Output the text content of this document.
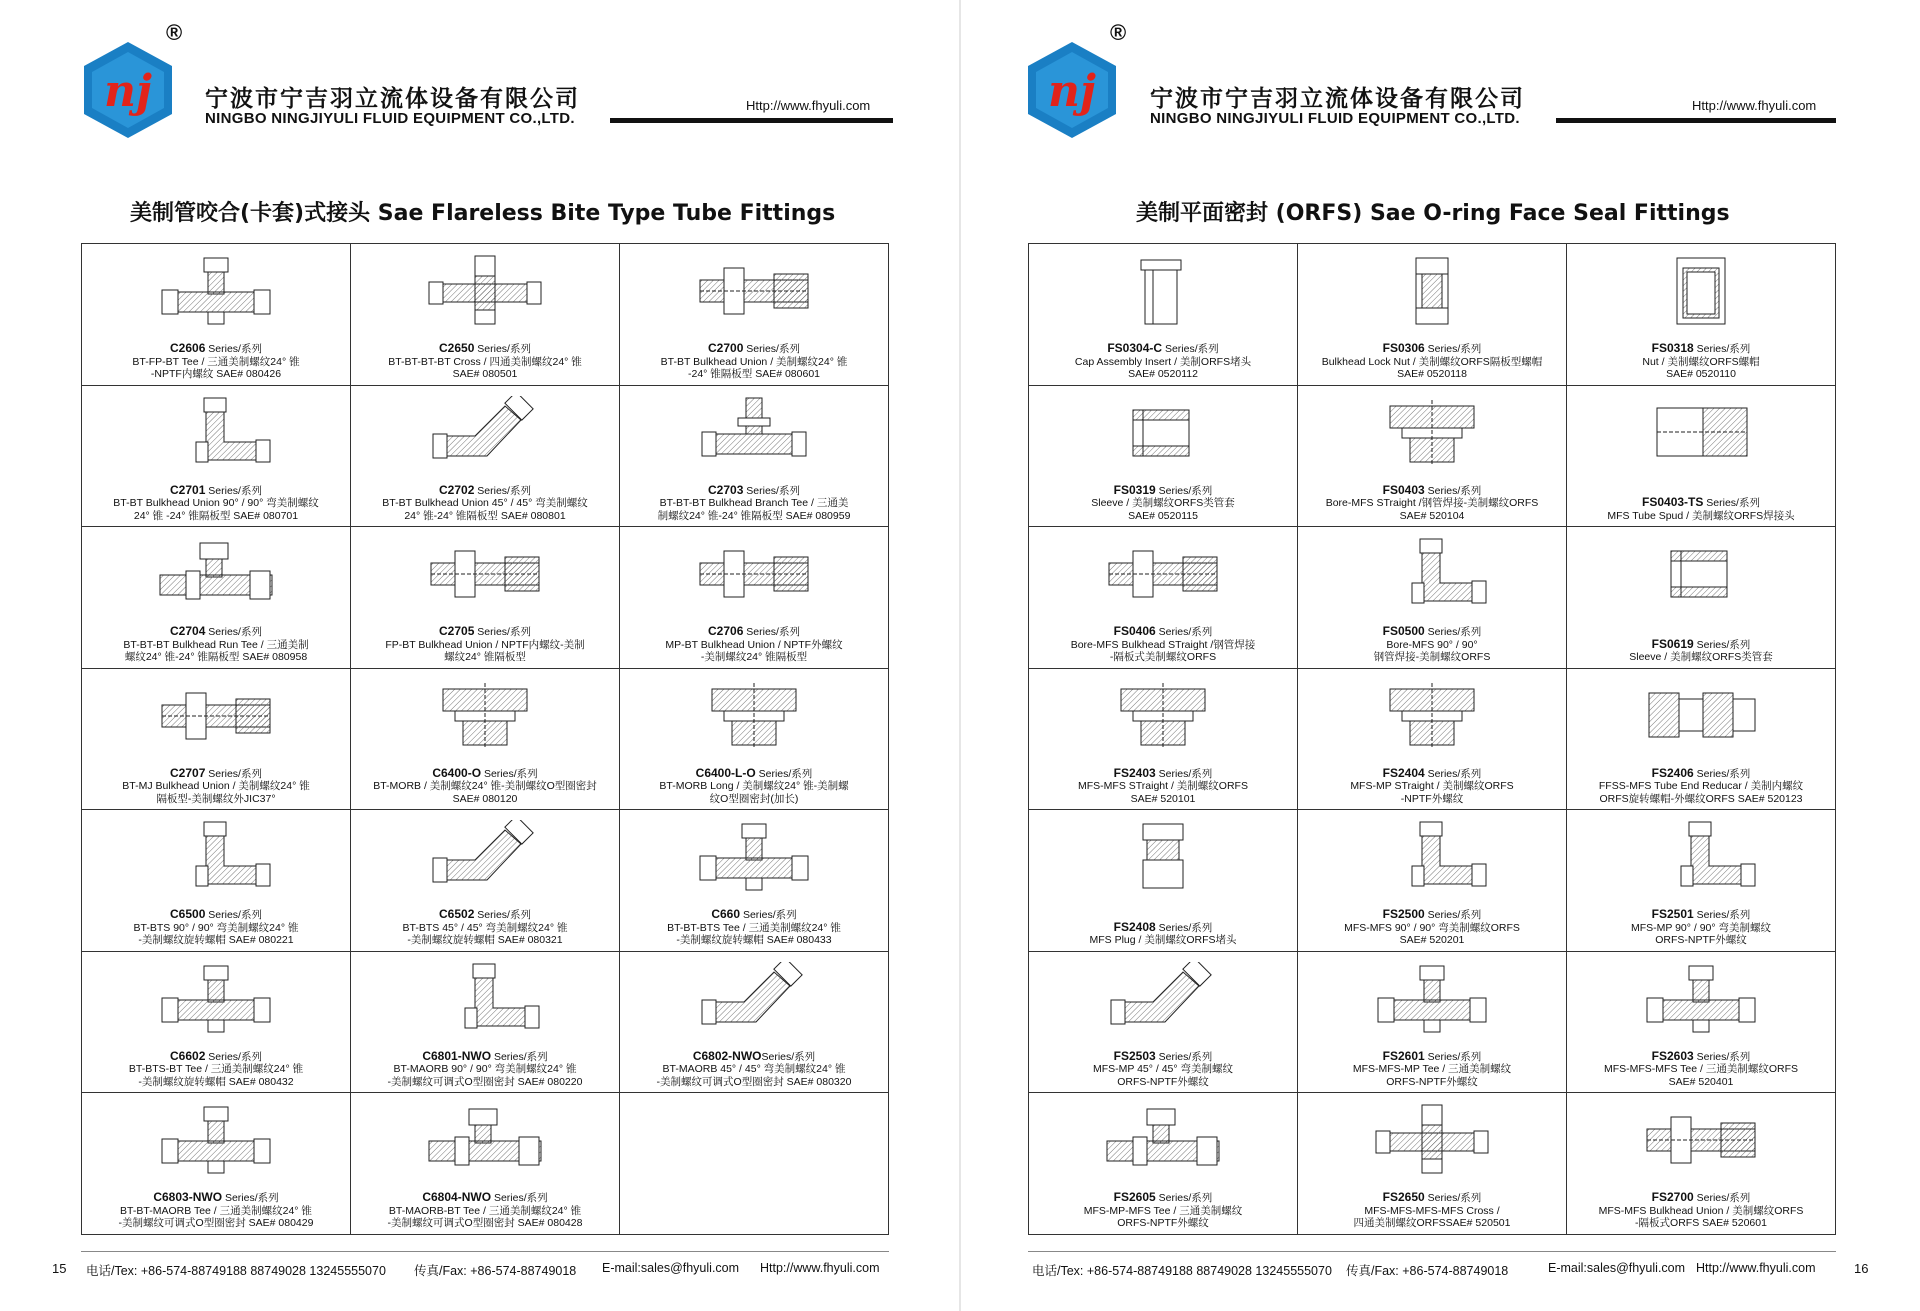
nj
®
宁波市宁吉羽立流体设备有限公司
NINGBO NINGJIYULI FLUID EQUIPMENT CO.,LTD.
Http://www.fhyuli.com
美制管咬合(卡套)式接头 Sae Flareless Bite Type Tube Fittings
C2606 Series/系列
BT-FP-BT Tee / 三通美制螺纹24° 锥
-NPTF内螺纹 SAE# 080426
C2650 Series/系列
BT-BT-BT-BT Cross / 四通美制螺纹24° 锥
SAE# 080501
C2700 Series/系列
BT-BT Bulkhead Union / 美制螺纹24° 锥
-24° 锥隔板型 SAE# 080601
C2701 Series/系列
BT-BT Bulkhead Union 90° / 90° 弯美制螺纹
24° 锥 -24° 锥隔板型 SAE# 080701
C2702 Series/系列
BT-BT Bulkhead Union 45° / 45° 弯美制螺纹
24° 锥-24° 锥隔板型 SAE# 080801
C2703 Series/系列
BT-BT-BT Bulkhead Branch Tee / 三通美
制螺纹24° 锥-24° 锥隔板型 SAE# 080959
C2704 Series/系列
BT-BT-BT Bulkhead Run Tee / 三通美制
螺纹24° 锥-24° 锥隔板型 SAE# 080958
C2705 Series/系列
FP-BT Bulkhead Union / NPTF内螺纹-美制
螺纹24° 锥隔板型
C2706 Series/系列
MP-BT Bulkhead Union / NPTF外螺纹
-美制螺纹24° 锥隔板型
C2707 Series/系列
BT-MJ Bulkhead Union / 美制螺纹24° 锥
隔板型-美制螺纹外JIC37°
C6400-O Series/系列
BT-MORB / 美制螺纹24° 锥-美制螺纹O型圈密封
SAE# 080120
C6400-L-O Series/系列
BT-MORB Long / 美制螺纹24° 锥-美制螺
纹O型圈密封(加长)
C6500 Series/系列
BT-BTS 90° / 90° 弯美制螺纹24° 锥
-美制螺纹旋转螺帽 SAE# 080221
C6502 Series/系列
BT-BTS 45° / 45° 弯美制螺纹24° 锥
-美制螺纹旋转螺帽 SAE# 080321
C660 Series/系列
BT-BT-BTS Tee / 三通美制螺纹24° 锥
-美制螺纹旋转螺帽 SAE# 080433
C6602 Series/系列
BT-BTS-BT Tee / 三通美制螺纹24° 锥
-美制螺纹旋转螺帽 SAE# 080432
C6801-NWO Series/系列
BT-MAORB 90° / 90° 弯美制螺纹24° 锥
-美制螺纹可调式O型圈密封 SAE# 080220
C6802-NWOSeries/系列
BT-MAORB 45° / 45° 弯美制螺纹24° 锥
-美制螺纹可调式O型圈密封 SAE# 080320
C6803-NWO Series/系列
BT-BT-MAORB Tee / 三通美制螺纹24° 锥
-美制螺纹可调式O型圈密封 SAE# 080429
C6804-NWO Series/系列
BT-MAORB-BT Tee / 三通美制螺纹24° 锥
-美制螺纹可调式O型圈密封 SAE# 080428
15 电话/Tex: +86-574-88749188 88749028 13245555070 传真/Fax: +86-574-88749018 E-mail:sales@fhyuli.com Http://www.fhyuli.com
nj
®
宁波市宁吉羽立流体设备有限公司
NINGBO NINGJIYULI FLUID EQUIPMENT CO.,LTD.
Http://www.fhyuli.com
美制平面密封 (ORFS) Sae O-ring Face Seal Fittings
FS0304-C Series/系列
Cap Assembly Insert / 美制ORFS堵头
SAE# 0520112
FS0306 Series/系列
Bulkhead Lock Nut / 美制螺纹ORFS隔板型螺帽
SAE# 0520118
FS0318 Series/系列
Nut / 美制螺纹ORFS螺帽
SAE# 0520110
FS0319 Series/系列
Sleeve / 美制螺纹ORFS类管套
SAE# 0520115
FS0403 Series/系列
Bore-MFS STraight /钢管焊接-美制螺纹ORFS
SAE# 520104
FS0403-TS Series/系列
MFS Tube Spud / 美制螺纹ORFS焊接头
FS0406 Series/系列
Bore-MFS Bulkhead STraight /钢管焊接
-隔板式美制螺纹ORFS
FS0500 Series/系列
Bore-MFS 90° / 90°
钢管焊接-美制螺纹ORFS
FS0619 Series/系列
Sleeve / 美制螺纹ORFS类管套
FS2403 Series/系列
MFS-MFS STraight / 美制螺纹ORFS
SAE# 520101
FS2404 Series/系列
MFS-MP STraight / 美制螺纹ORFS
-NPTF外螺纹
FS2406 Series/系列
FFSS-MFS Tube End Reducar / 美制内螺纹
ORFS旋转螺帽-外螺纹ORFS SAE# 520123
FS2408 Series/系列
MFS Plug / 美制螺纹ORFS堵头
FS2500 Series/系列
MFS-MFS 90° / 90° 弯美制螺纹ORFS
SAE# 520201
FS2501 Series/系列
MFS-MP 90° / 90° 弯美制螺纹
ORFS-NPTF外螺纹
FS2503 Series/系列
MFS-MP 45° / 45° 弯美制螺纹
ORFS-NPTF外螺纹
FS2601 Series/系列
MFS-MFS-MP Tee / 三通美制螺纹
ORFS-NPTF外螺纹
FS2603 Series/系列
MFS-MFS-MFS Tee / 三通美制螺纹ORFS
SAE# 520401
FS2605 Series/系列
MFS-MP-MFS Tee / 三通美制螺纹
ORFS-NPTF外螺纹
FS2650 Series/系列
MFS-MFS-MFS-MFS Cross /
四通美制螺纹ORFSSAE# 520501
FS2700 Series/系列
MFS-MFS Bulkhead Union / 美制螺纹ORFS
-隔板式ORFS SAE# 520601
电话/Tex: +86-574-88749188 88749028 13245555070 传真/Fax: +86-574-88749018	E-mail:sales@fhyuli.com Http://www.fhyuli.com	16
